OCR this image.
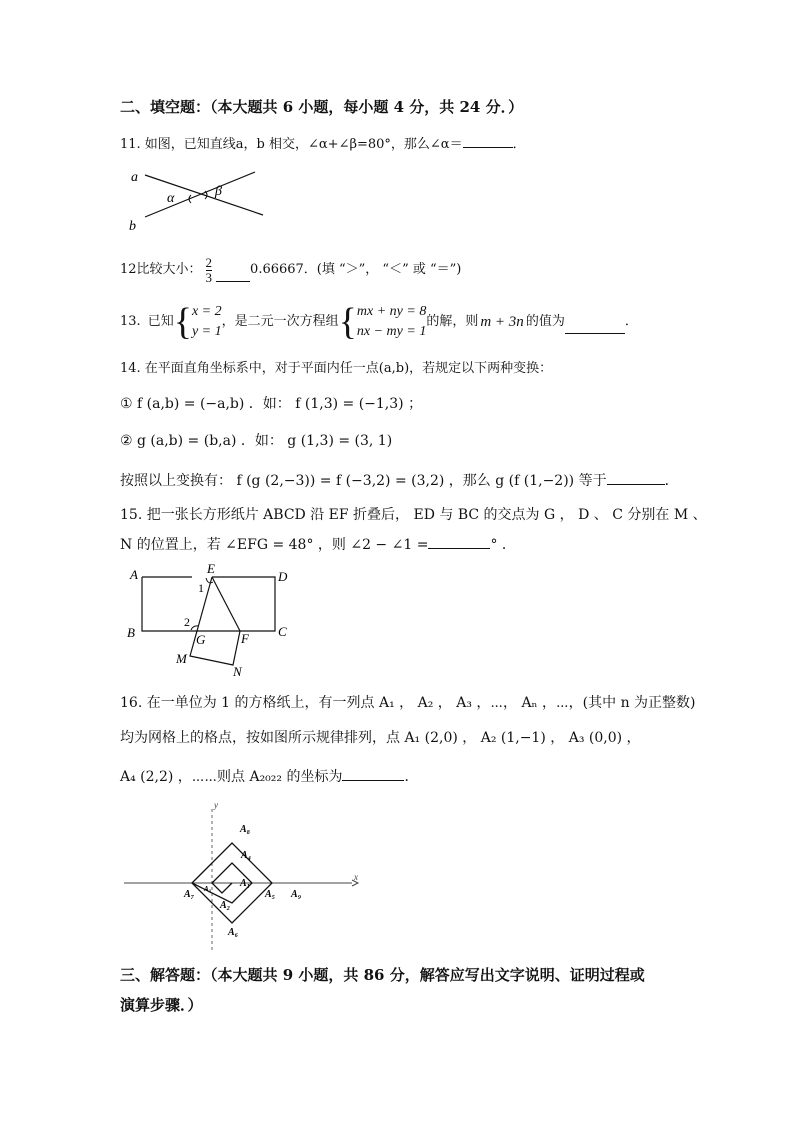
二、填空题：（本大题共 6 小题，每小题 4 分，共 24 分．）
11. 如图，已知直线a，b 相交，∠α+∠β=80°，那么∠α＝	．
a
b
α	β
12比较大小： $\frac{2}{3}$	0.66667．(填 “＞”， “＜” 或 “＝”)
13. 已知 { x = 2
y = 1
，是二元一次方程组 { mx + ny = 8
nx − my = 1
的解，则 m + 3n 的值为	．
14. 在平面直角坐标系中，对于平面内任一点(a,b)，若规定以下两种变换：
① f (a,b) = (−a,b) ．如： f (1,3) = (−1,3) ；
② g (a,b) = (b,a) ．如： g (1,3) = (3, 1)
按照以上变换有： f (g (2,−3)) = f (−3,2) = (3,2) ，那么 g (f (1,−2)) 等于	．
15. 把一张长方形纸片 ABCD 沿 EF 折叠后， ED 与 BC 的交点为 G ， D 、 C 分别在 M 、
N 的位置上，若 ∠EFG = 48° ，则 ∠2 − ∠1 =	° ．
A	E
D
B	G	F C
M
N
1
2
16. 在一单位为 1 的方格纸上，有一列点 A₁ ， A₂ ， A₃ ，⋯， Aₙ ，⋯，(其中 n 为正整数)
均为网格上的格点，按如图所示规律排列，点 A₁ (2,0) ， A₂ (1,−1) ， A₃ (0,0) ，
A₄ (2,2) ，⋯⋯则点 A₂₀₂₂ 的坐标为	．
y
x
A₈
A₄
A₁
A₃
A₇
A₂
A₅ A₉
A₆
三、解答题：（本大题共 9 小题，共 86 分，解答应写出文字说明、证明过程或
演算步骤．）
